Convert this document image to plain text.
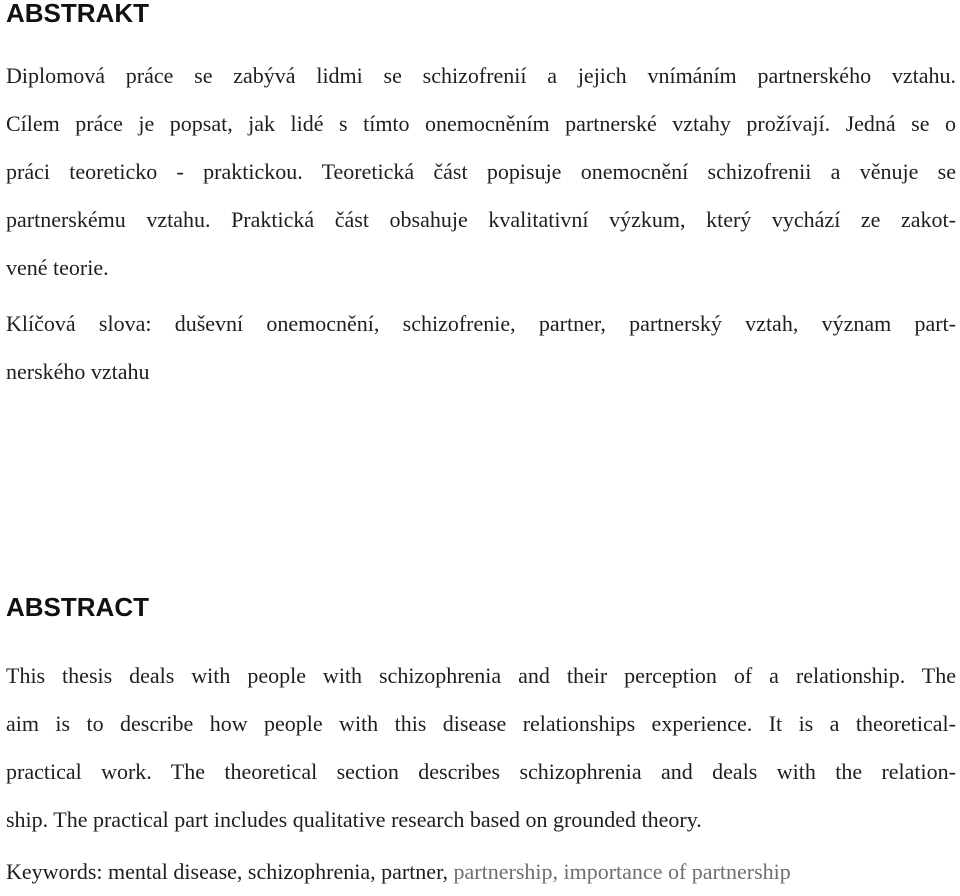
ABSTRAKT
Diplomová práce se zabývá lidmi se schizofrenií a jejich vnímáním partnerského vztahu.
Cílem práce je popsat, jak lidé s tímto onemocněním partnerské vztahy prožívají. Jedná se o
práci teoreticko - praktickou. Teoretická část popisuje onemocnění schizofrenii a věnuje se
partnerskému vztahu. Praktická část obsahuje kvalitativní výzkum, který vychází ze zakot-
vené teorie.
Klíčová slova: duševní onemocnění, schizofrenie, partner, partnerský vztah, význam part-
nerského vztahu
ABSTRACT
This thesis deals with people with schizophrenia and their perception of a relationship. The
aim is to describe how people with this disease relationships experience. It is a theoretical-
practical work. The theoretical section describes schizophrenia and deals with the relation-
ship. The practical part includes qualitative research based on grounded theory.
Keywords: mental disease, schizophrenia, partner, partnership, importance of partnership
